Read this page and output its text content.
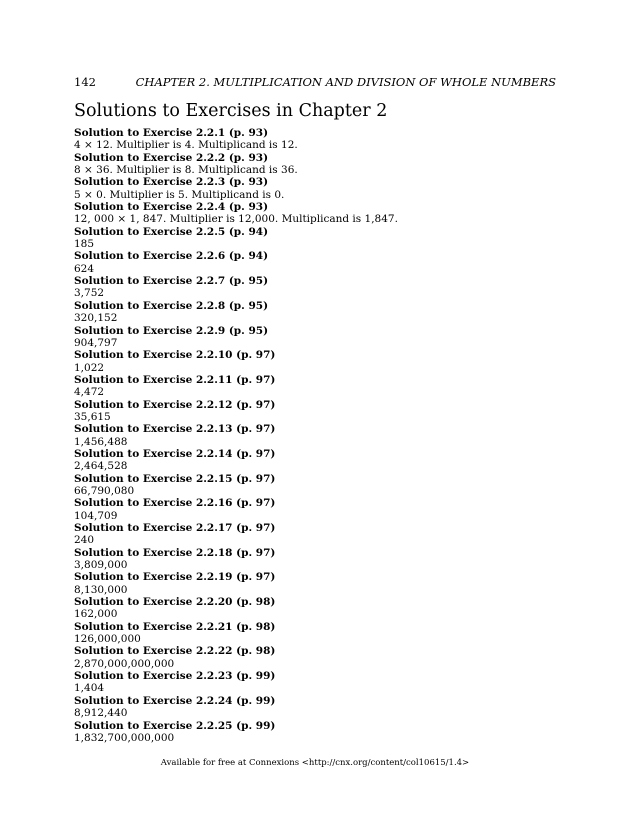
142	CHAPTER 2. MULTIPLICATION AND DIVISION OF WHOLE NUMBERS
Solutions to Exercises in Chapter 2
Solution to Exercise 2.2.1 (p. 93)
4 × 12. Multiplier is 4. Multiplicand is 12.
Solution to Exercise 2.2.2 (p. 93)
8 × 36. Multiplier is 8. Multiplicand is 36.
Solution to Exercise 2.2.3 (p. 93)
5 × 0. Multiplier is 5. Multiplicand is 0.
Solution to Exercise 2.2.4 (p. 93)
12, 000 × 1, 847. Multiplier is 12,000. Multiplicand is 1,847.
Solution to Exercise 2.2.5 (p. 94)
185
Solution to Exercise 2.2.6 (p. 94)
624
Solution to Exercise 2.2.7 (p. 95)
3,752
Solution to Exercise 2.2.8 (p. 95)
320,152
Solution to Exercise 2.2.9 (p. 95)
904,797
Solution to Exercise 2.2.10 (p. 97)
1,022
Solution to Exercise 2.2.11 (p. 97)
4,472
Solution to Exercise 2.2.12 (p. 97)
35,615
Solution to Exercise 2.2.13 (p. 97)
1,456,488
Solution to Exercise 2.2.14 (p. 97)
2,464,528
Solution to Exercise 2.2.15 (p. 97)
66,790,080
Solution to Exercise 2.2.16 (p. 97)
104,709
Solution to Exercise 2.2.17 (p. 97)
240
Solution to Exercise 2.2.18 (p. 97)
3,809,000
Solution to Exercise 2.2.19 (p. 97)
8,130,000
Solution to Exercise 2.2.20 (p. 98)
162,000
Solution to Exercise 2.2.21 (p. 98)
126,000,000
Solution to Exercise 2.2.22 (p. 98)
2,870,000,000,000
Solution to Exercise 2.2.23 (p. 99)
1,404
Solution to Exercise 2.2.24 (p. 99)
8,912,440
Solution to Exercise 2.2.25 (p. 99)
1,832,700,000,000
Available for free at Connexions <http://cnx.org/content/col10615/1.4>
